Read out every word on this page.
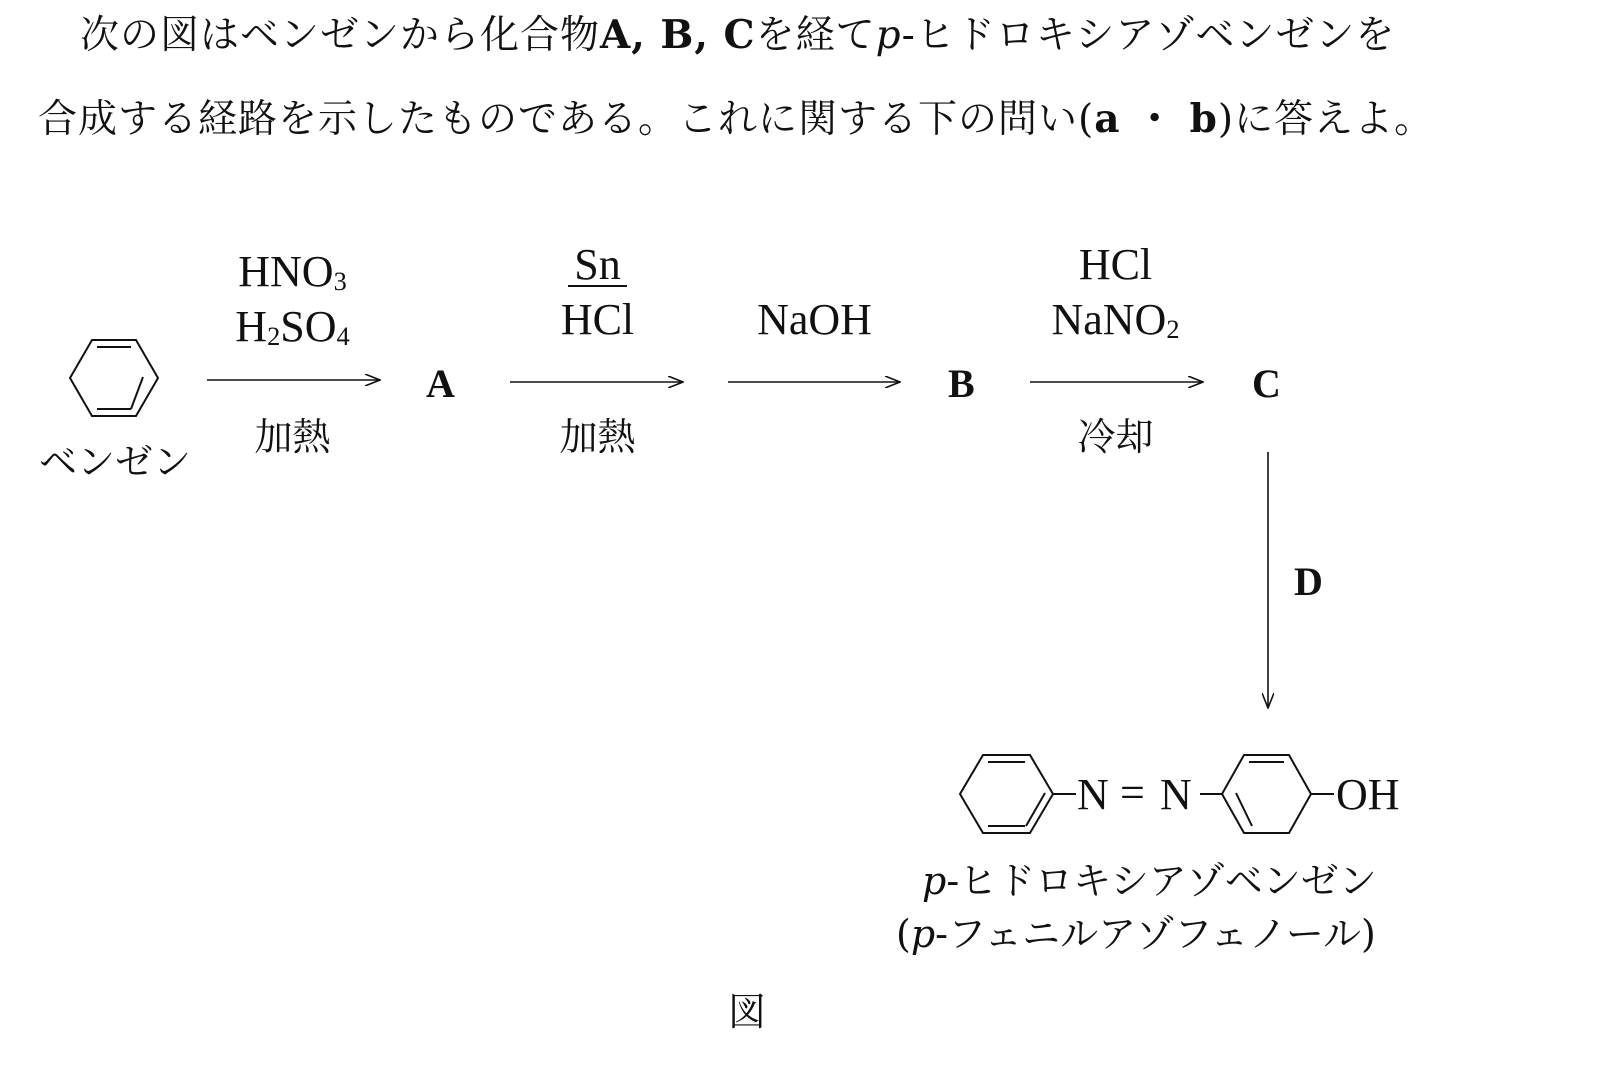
次の図はベンゼンから化合物A, B, Cを経てp-ヒドロキシアゾベンゼンを
合成する経路を示したものである。これに関する下の問い(a ・ b)に答えよ。
ベンゼン
$HNO_3$
$H_2SO_4$
加熱
A
Sn
HCl
加熱
NaOH
B
HCl
NaNO$_2$
冷却
C
D
N = N	OH
p-ヒドロキシアゾベンゼン
(p-フェニルアゾフェノール)
図
